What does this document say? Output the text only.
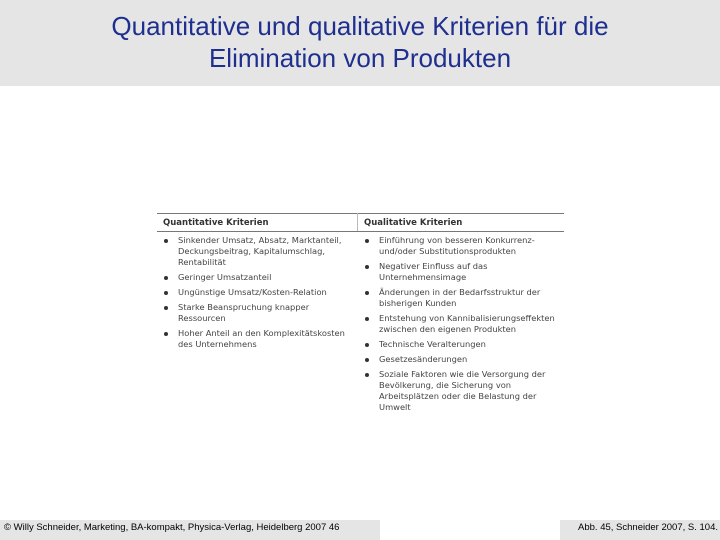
Quantitative und qualitative Kriterien für die
Elimination von Produkten
Quantitative Kriterien	Qualitative Kriterien
Sinkender Umsatz, Absatz, Marktanteil, Deckungsbeitrag, Kapitalumschlag, Rentabilität
Geringer Umsatzanteil
Ungünstige Umsatz/Kosten-Relation
Starke Beanspruchung knapper Ressourcen
Hoher Anteil an den Komplexitätskosten des Unternehmens
Einführung von besseren Konkurrenz- und/oder Substitutionsprodukten
Negativer Einfluss auf das Unternehmensimage
Änderungen in der Bedarfsstruktur der bisherigen Kunden
Entstehung von Kannibalisierungseffekten zwischen den eigenen Produkten
Technische Veralterungen
Gesetzesänderungen
Soziale Faktoren wie die Versorgung der Bevölkerung, die Sicherung von Arbeitsplätzen oder die Belastung der Umwelt
© Willy Schneider, Marketing, BA-kompakt, Physica-Verlag, Heidelberg 2007 46	Abb. 45, Schneider 2007, S. 104.
